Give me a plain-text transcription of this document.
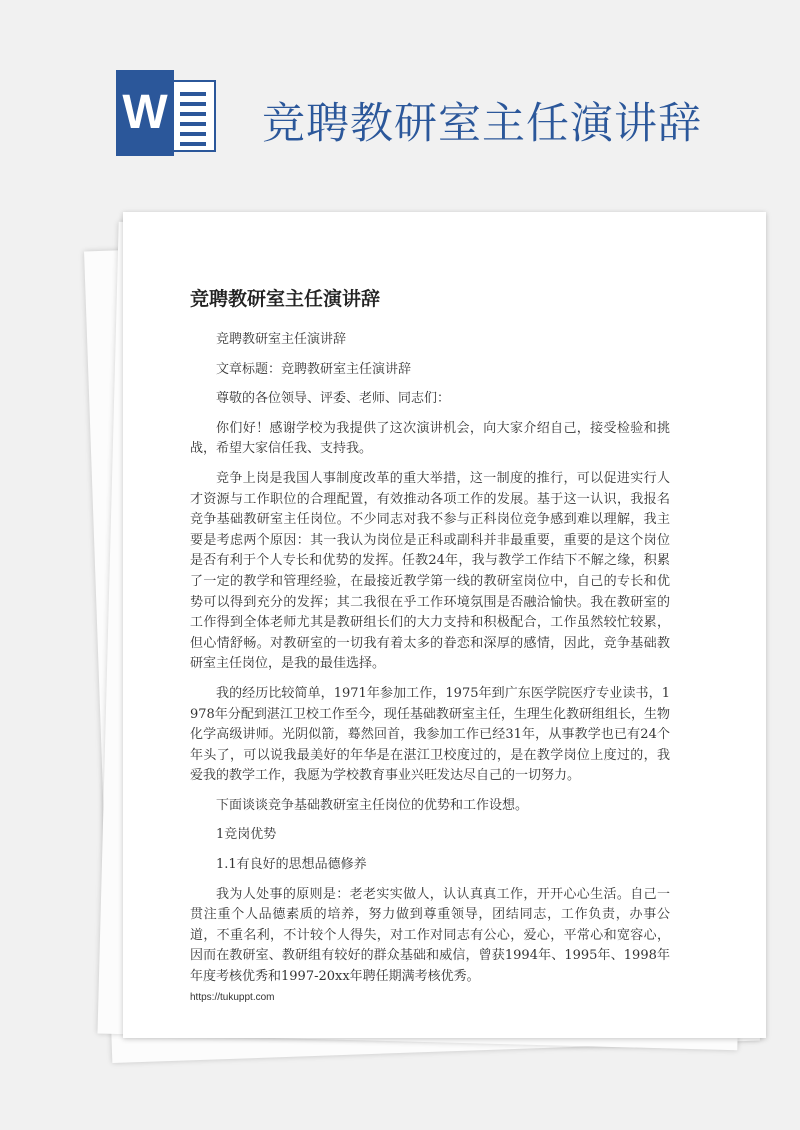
W 竞聘教研室主任演讲辞
竞聘教研室主任演讲辞

竞聘教研室主任演讲辞

文章标题：竞聘教研室主任演讲辞

尊敬的各位领导、评委、老师、同志们：

你们好！感谢学校为我提供了这次演讲机会，向大家介绍自己，接受检验和挑战，希望大家信任我、支持我。

竞争上岗是我国人事制度改革的重大举措，这一制度的推行，可以促进实行人才资源与工作职位的合理配置，有效推动各项工作的发展。基于这一认识，我报名竞争基础教研室主任岗位。不少同志对我不参与正科岗位竞争感到难以理解，我主要是考虑两个原因：其一我认为岗位是正科或副科并非最重要，重要的是这个岗位是否有利于个人专长和优势的发挥。任教24年，我与教学工作结下不解之缘，积累了一定的教学和管理经验，在最接近教学第一线的教研室岗位中，自己的专长和优势可以得到充分的发挥；其二我很在乎工作环境氛围是否融洽愉快。我在教研室的工作得到全体老师尤其是教研组长们的大力支持和积极配合，工作虽然较忙较累，但心情舒畅。对教研室的一切我有着太多的眷恋和深厚的感情，因此，竞争基础教研室主任岗位，是我的最佳选择。

我的经历比较简单，1971年参加工作，1975年到广东医学院医疗专业读书，1978年分配到湛江卫校工作至今，现任基础教研室主任，生理生化教研组组长，生物化学高级讲师。光阴似箭，蓦然回首，我参加工作已经31年，从事教学也已有24个年头了，可以说我最美好的年华是在湛江卫校度过的，是在教学岗位上度过的，我爱我的教学工作，我愿为学校教育事业兴旺发达尽自己的一切努力。

下面谈谈竞争基础教研室主任岗位的优势和工作设想。

1竞岗优势

1.1有良好的思想品德修养

我为人处事的原则是：老老实实做人，认认真真工作，开开心心生活。自己一贯注重个人品德素质的培养，努力做到尊重领导，团结同志，工作负责，办事公道，不重名利，不计较个人得失，对工作对同志有公心，爱心，平常心和宽容心，因而在教研室、教研组有较好的群众基础和威信，曾获1994年、1995年、1998年年度考核优秀和1997-20xx年聘任期满考核优秀。

https://tukuppt.com
